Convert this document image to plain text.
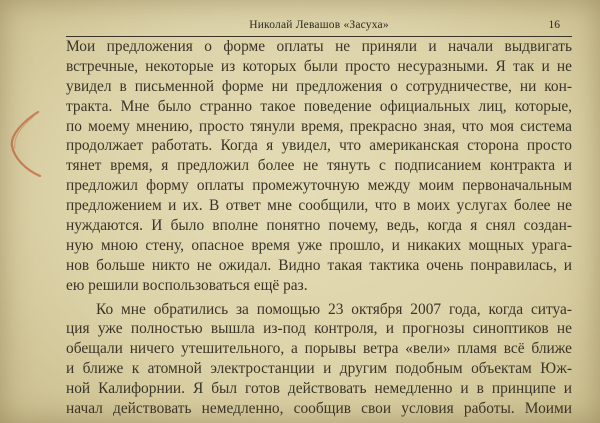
Николай Левашов «Засуха»	16
Мои предложения о форме оплаты не приняли и начали выдвигать
встречные, некоторые из которых были просто несуразными. Я так и не
увидел в письменной форме ни предложения о сотрудничестве, ни кон-
тракта. Мне было странно такое поведение официальных лиц, которые,
по моему мнению, просто тянули время, прекрасно зная, что моя система
продолжает работать. Когда я увидел, что американская сторона просто
тянет время, я предложил более не тянуть с подписанием контракта и
предложил форму оплаты промежуточную между моим первоначальным
предложением и их. В ответ мне сообщили, что в моих услугах более не
нуждаются. И было вполне понятно почему, ведь, когда я снял создан-
ную мною стену, опасное время уже прошло, и никаких мощных урага-
нов больше никто не ожидал. Видно такая тактика очень понравилась, и
ею решили воспользоваться ещё раз.
Ко мне обратились за помощью 23 октября 2007 года, когда ситуа-
ция уже полностью вышла из-под контроля, и прогнозы синоптиков не
обещали ничего утешительного, а порывы ветра «вели» пламя всё ближе
и ближе к атомной электростанции и другим подобным объектам Юж-
ной Калифорнии. Я был готов действовать немедленно и в принципе и
начал действовать немедленно, сообщив свои условия работы. Моими
